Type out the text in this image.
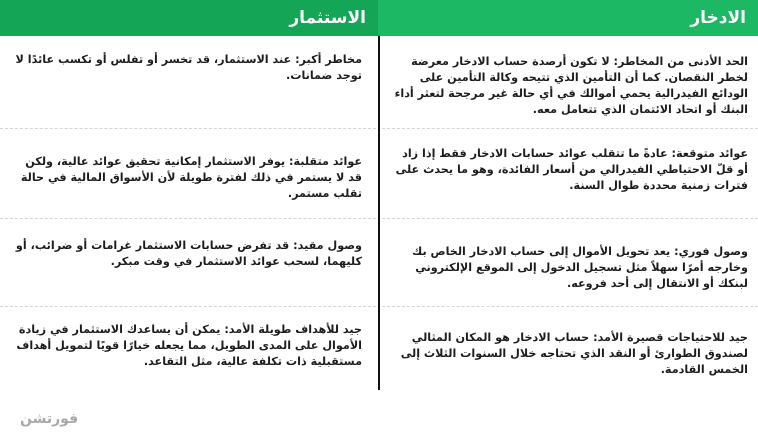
الادخار
الاستثمار
الحد الأدنى من المخاطر: لا تكون أرصدة حساب الادخار معرضة لخطر النقصان. كما أن التأمين الذي تتيحه وكالة التأمين على الودائع الفيدرالية يحمي أموالك في أي حالة غير مرجحة لتعثر أداء البنك أو اتحاد الائتمان الذي تتعامل معه.
مخاطر أكبر: عند الاستثمار، قد تخسر أو تفلس أو تكسب عائدًا لا توجد ضمانات.
عوائد متوقعة: عادةً ما تتقلب عوائد حسابات الادخار فقط إذا زاد أو قلّ الاحتياطي الفيدرالي من أسعار الفائدة، وهو ما يحدث على فترات زمنية محددة طوال السنة.
عوائد متقلبة: يوفر الاستثمار إمكانية تحقيق عوائد عالية، ولكن قد لا يستمر في ذلك لفترة طويلة لأن الأسواق المالية في حالة تقلب مستمر.
وصول فوري: يعد تحويل الأموال إلى حساب الادخار الخاص بك وخارجه أمرًا سهلاً مثل تسجيل الدخول إلى الموقع الإلكتروني لبنكك أو الانتقال إلى أحد فروعه.
وصول مقيد: قد تفرض حسابات الاستثمار غرامات أو ضرائب، أو كليهما، لسحب عوائد الاستثمار في وقت مبكر.
جيد للاحتياجات قصيرة الأمد: حساب الادخار هو المكان المثالي لصندوق الطوارئ أو النقد الذي تحتاجه خلال السنوات الثلاث إلى الخمس القادمة.
جيد للأهداف طويلة الأمد: يمكن أن يساعدك الاستثمار في زيادة الأموال على المدى الطويل، مما يجعله خيارًا قويًا لتمويل أهداف مستقبلية ذات تكلفة عالية، مثل التقاعد.
فورتشن
